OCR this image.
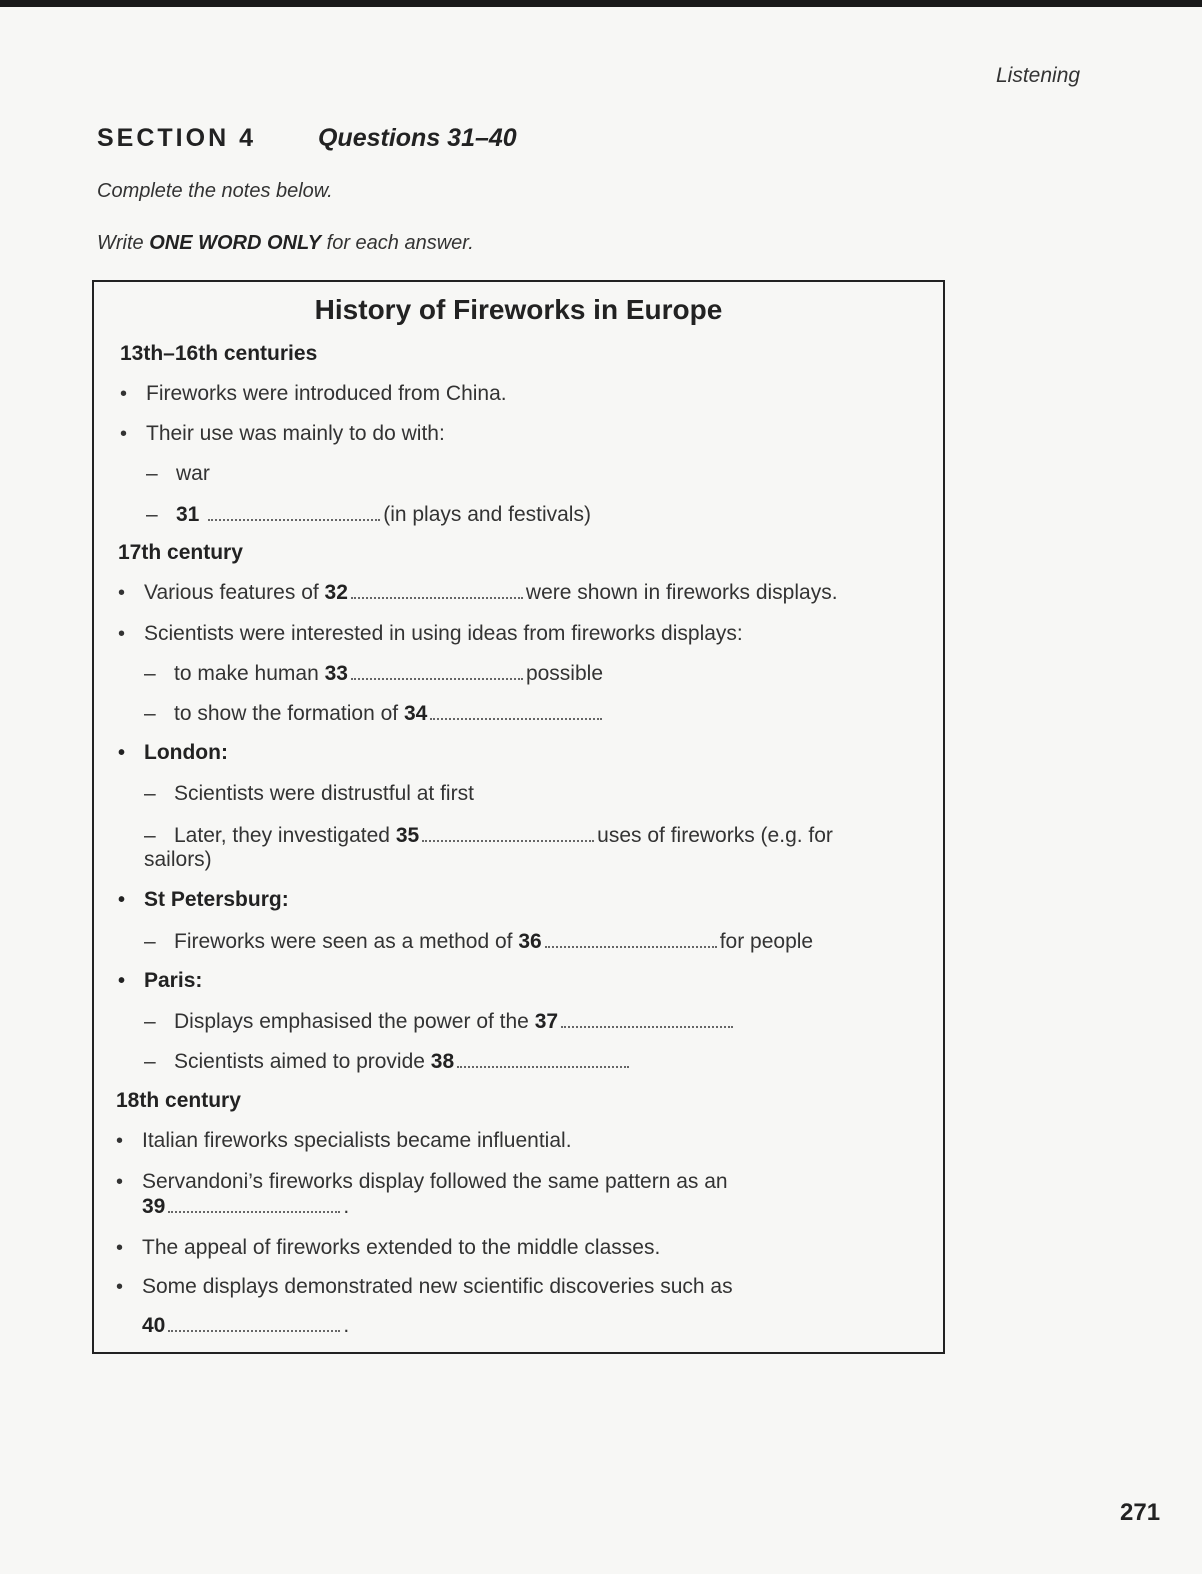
Listening
SECTION 4 Questions 31–40
Complete the notes below.
Write ONE WORD ONLY for each answer.
History of Fireworks in Europe
13th–16th centuries
• Fireworks were introduced from China.
• Their use was mainly to do with:
– war
– 31	(in plays and festivals)
17th century
• Various features of 32	were shown in fireworks displays.
• Scientists were interested in using ideas from fireworks displays:
– to make human 33	possible
– to show the formation of 34
• London:
– Scientists were distrustful at first
– Later, they investigated 35	uses of fireworks (e.g. for
sailors)
• St Petersburg:
– Fireworks were seen as a method of 36	for people
• Paris:
– Displays emphasised the power of the 37
– Scientists aimed to provide 38
18th century
• Italian fireworks specialists became influential.
• Servandoni’s fireworks display followed the same pattern as an
39	.
• The appeal of fireworks extended to the middle classes.
• Some displays demonstrated new scientific discoveries such as
40	.
271
